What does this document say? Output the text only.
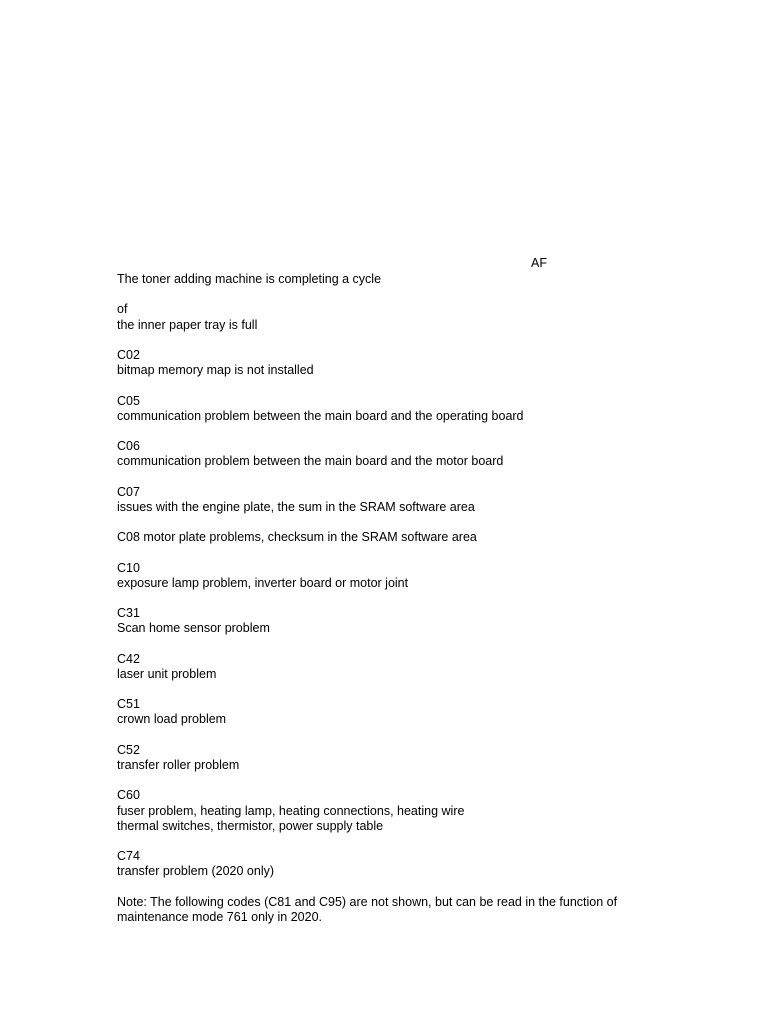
AF
The toner adding machine is completing a cycle
of
the inner paper tray is full
C02
bitmap memory map is not installed
C05
communication problem between the main board and the operating board
C06
communication problem between the main board and the motor board
C07
issues with the engine plate, the sum in the SRAM software area
C08 motor plate problems, checksum in the SRAM software area
C10
exposure lamp problem, inverter board or motor joint
C31
Scan home sensor problem
C42
laser unit problem
C51
crown load problem
C52
transfer roller problem
C60
fuser problem, heating lamp, heating connections, heating wire
thermal switches, thermistor, power supply table
C74
transfer problem (2020 only)
Note: The following codes (C81 and C95) are not shown, but can be read in the function of
maintenance mode 761 only in 2020.
